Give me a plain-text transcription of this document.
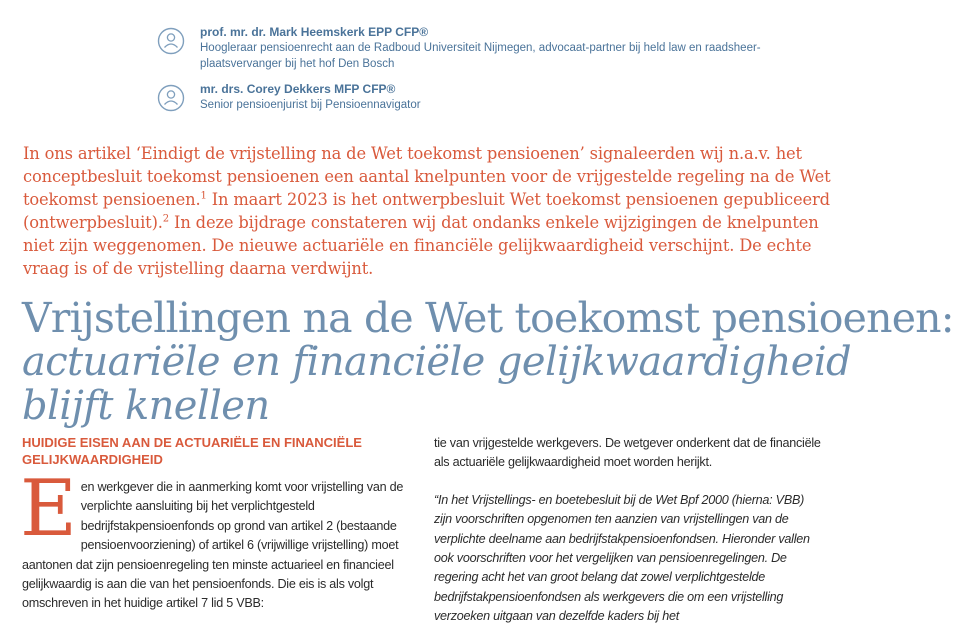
prof. mr. dr. Mark Heemskerk EPP CFP®
Hoogleraar pensioenrecht aan de Radboud Universiteit Nijmegen, advocaat-partner bij held law en raadsheer-plaatsvervanger bij het hof Den Bosch
mr. drs. Corey Dekkers MFP CFP®
Senior pensioenjurist bij Pensioennavigator

In ons artikel ‘Eindigt de vrijstelling na de Wet toekomst pensioenen’ signaleerden wij n.a.v. het conceptbesluit toekomst pensioenen een aantal knelpunten voor de vrijgestelde regeling na de Wet toekomst pensioenen.$^1$ In maart 2023 is het ontwerpbesluit Wet toekomst pensioenen gepubliceerd (ontwerpbesluit).$^2$ In deze bijdrage constateren wij dat ondanks enkele wijzigingen de knelpunten niet zijn weggenomen. De nieuwe actuariële en financiële gelijkwaardigheid verschijnt. De echte vraag is of de vrijstelling daarna verdwijnt.

Vrijstellingen na de Wet toekomst pensioenen:
actuariële en financiële gelijkwaardigheid
blijft knellen
HUIDIGE EISEN AAN DE ACTUARIËLE EN FINANCIËLE GELIJKWAARDIGHEID

Een werkgever die in aanmerking komt voor vrijstelling van de verplichte aansluiting bij het verplichtgesteld bedrijfstakpensioenfonds op grond van artikel 2 (bestaande pensioenvoorziening) of artikel 6 (vrijwillige vrijstelling) moet aantonen dat zijn pensioenregeling ten minste actuarieel en financieel gelijkwaardig is aan die van het pensioenfonds. Die eis is als volgt omschreven in het huidige artikel 7 lid 5 VBB:

tie van vrijgestelde werkgevers. De wetgever onderkent dat de financiële als actuariële gelijkwaardigheid moet worden herijkt.

“In het Vrijstellings- en boetebesluit bij de Wet Bpf 2000 (hierna: VBB) zijn voorschriften opgenomen ten aanzien van vrijstellingen van de verplichte deelname aan bedrijfstakpensioenfondsen. Hieronder vallen ook voorschriften voor het vergelijken van pensioenregelingen. De regering acht het van groot belang dat zowel verplichtgestelde bedrijfstakpensioenfondsen als werkgevers die om een vrijstelling verzoeken uitgaan van dezelfde kaders bij het
